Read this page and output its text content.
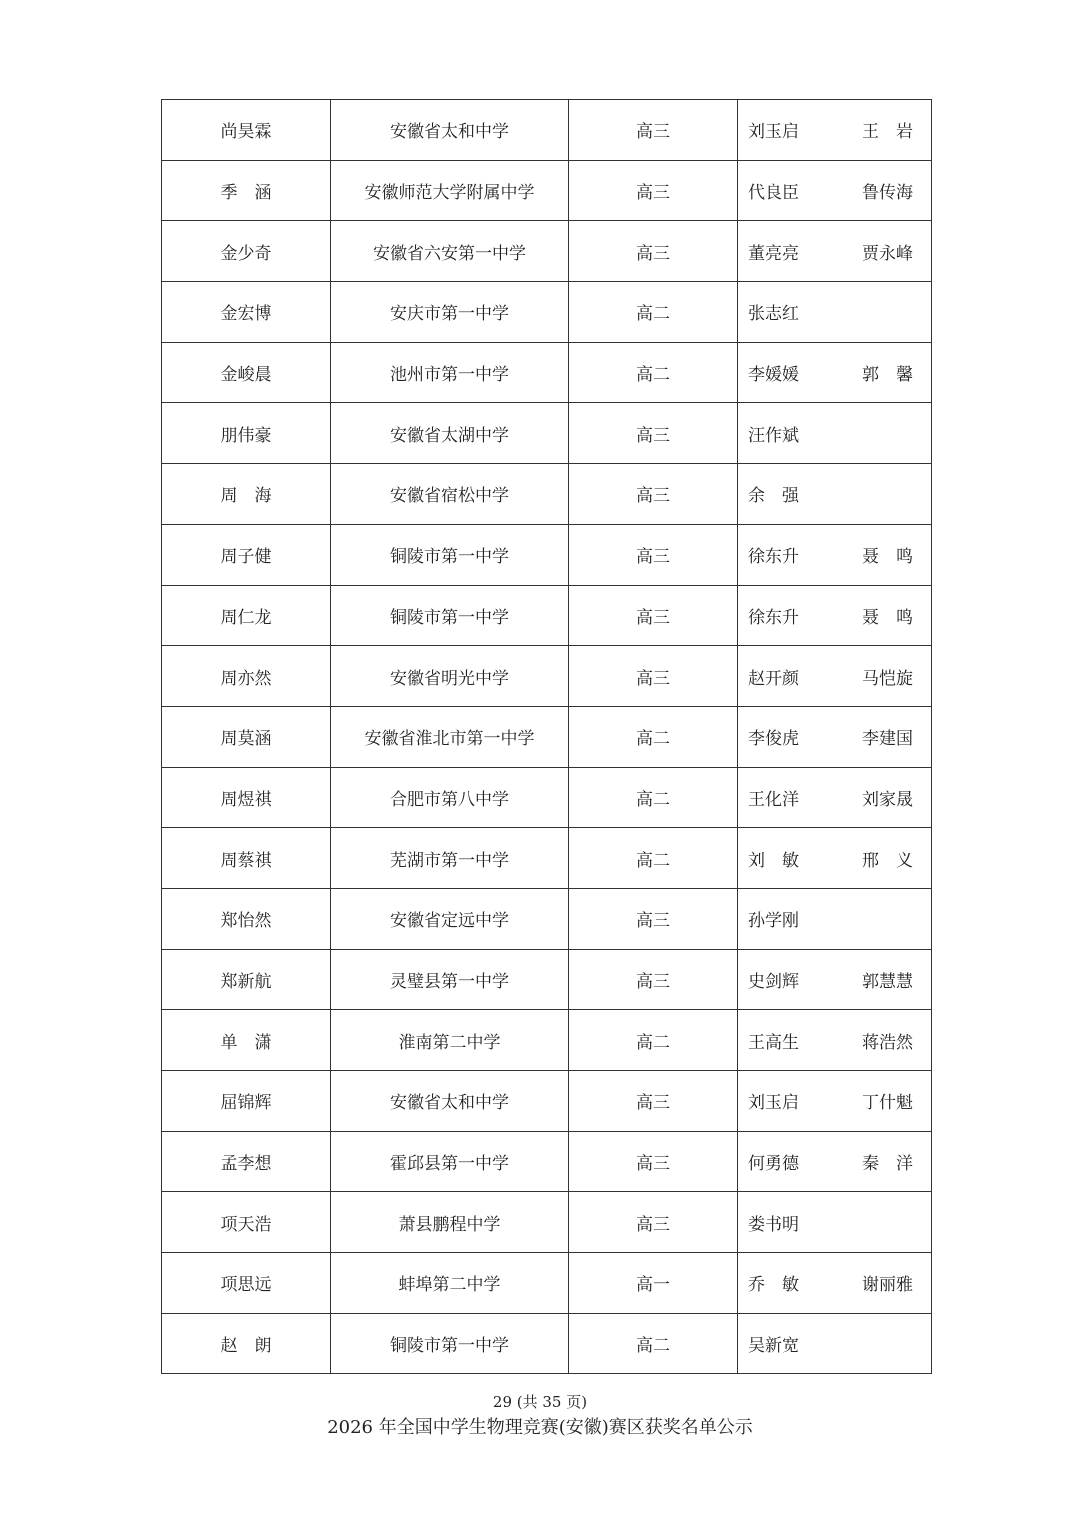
尚昊霖	安徽省太和中学	高三	刘玉启 王　岩

季　涵	安徽师范大学附属中学	高三	代良臣 鲁传海

金少奇	安徽省六安第一中学	高三	董亮亮 贾永峰

金宏博	安庆市第一中学	高二	张志红

金峻晨	池州市第一中学	高二	李媛媛 郭　馨

朋伟豪	安徽省太湖中学	高三	汪作斌

周　海	安徽省宿松中学	高三	余　强

周子健	铜陵市第一中学	高三	徐东升 聂　鸣

周仁龙	铜陵市第一中学	高三	徐东升 聂　鸣

周亦然	安徽省明光中学	高三	赵开颜 马恺旋

周莫涵	安徽省淮北市第一中学	高二	李俊虎 李建国

周煜祺	合肥市第八中学	高二	王化洋 刘家晟

周蔡祺	芜湖市第一中学	高二	刘　敏 邢　义

郑怡然	安徽省定远中学	高三	孙学刚

郑新航	灵璧县第一中学	高三	史剑辉 郭慧慧

单　潇	淮南第二中学	高二	王高生 蒋浩然

屈锦辉	安徽省太和中学	高三	刘玉启 丁什魁

孟李想	霍邱县第一中学	高三	何勇德 秦　洋

项天浩	萧县鹏程中学	高三	娄书明

项思远	蚌埠第二中学	高一	乔　敏 谢丽雅

赵　朗	铜陵市第一中学	高二	吴新宽
29 (共 35 页)
2026 年全国中学生物理竞赛(安徽)赛区获奖名单公示
